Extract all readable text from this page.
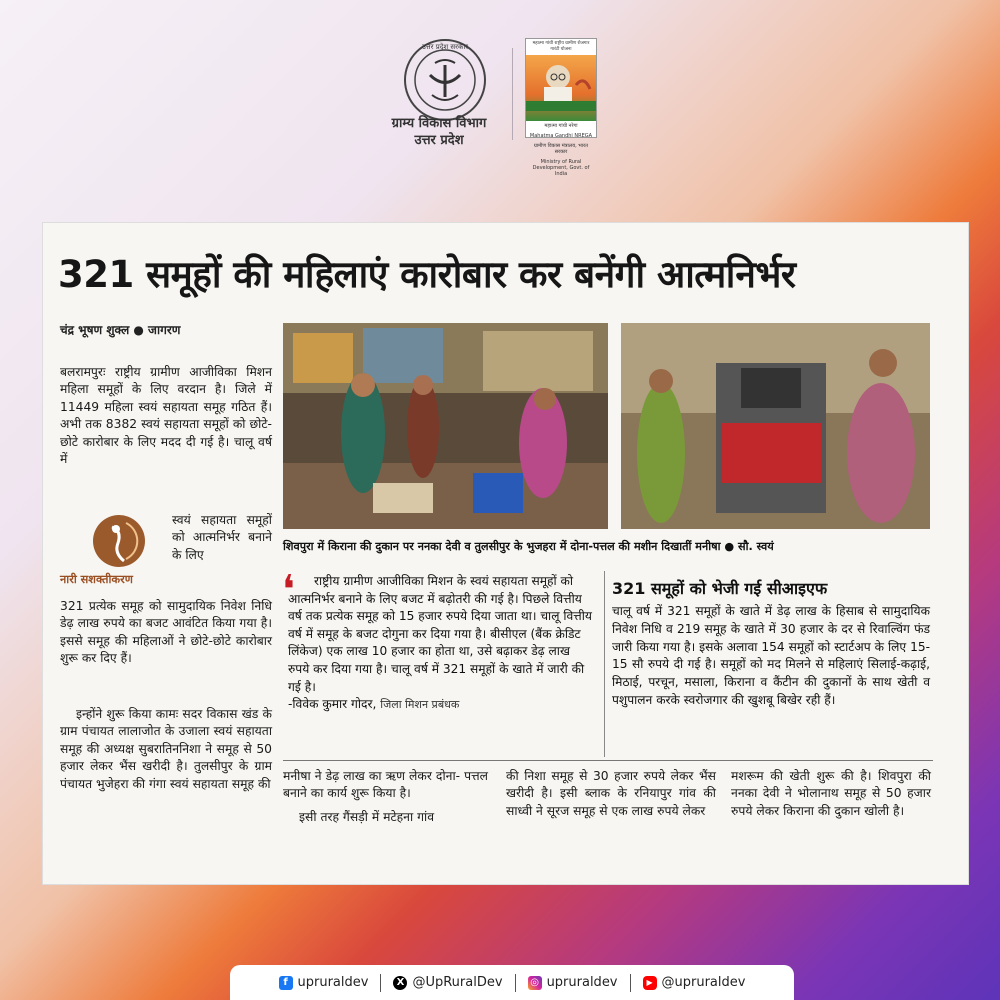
उत्तर प्रदेश सरकार
ग्राम्य विकास विभाग
उत्तर प्रदेश
महात्मा गांधी राष्ट्रीय ग्रामीण रोजगार गारंटी योजना
महात्मा गांधी नरेगा
Mahatma Gandhi NREGA
ग्रामीण विकास मंत्रालय, भारत सरकार
Ministry of Rural Development, Govt. of India
321 समूहों की महिलाएं कारोबार कर बनेंगी आत्मनिर्भर
चंद्र भूषण शुक्ल ● जागरण
बलरामपुरः राष्ट्रीय ग्रामीण आजीविका मिशन महिला समूहों के लिए वरदान है। जिले में 11449 महिला स्वयं सहायता समूह गठित हैं। अभी तक 8382 स्वयं सहायता समूहों को छोटे-छोटे कारोबार के लिए मदद दी गई है। चालू वर्ष में
नारी सशक्तीकरण
स्वयं सहायता समूहों को आत्मनिर्भर बनाने के लिए
321 प्रत्येक समूह को सामुदायिक निवेश निधि डेढ़ लाख रुपये का बजट आवंटित किया गया है। इससे समूह की महिलाओं ने छोटे-छोटे कारोबार शुरू कर दिए हैं।
इन्होंने शुरू किया कामः सदर विकास खंड के ग्राम पंचायत लालाजोत के उजाला स्वयं सहायता समूह की अध्यक्ष सुबरातिननिशा ने समूह से 50 हजार लेकर भैंस खरीदी है। तुलसीपुर के ग्राम पंचायत भुजेहरा की गंगा स्वयं सहायता समूह की
शिवपुरा में किराना की दुकान पर ननका देवी व तुलसीपुर के भुजहरा में दोना-पत्तल की मशीन दिखातीं मनीषा ● सौ. स्वयं
❛	राष्ट्रीय ग्रामीण आजीविका मिशन के स्वयं सहायता समूहों को आत्मनिर्भर बनाने के लिए बजट में बढ़ोतरी की गई है। पिछले वित्तीय वर्ष तक प्रत्येक समूह को 15 हजार रुपये दिया जाता था। चालू वित्तीय वर्ष में समूह के बजट दोगुना कर दिया गया है। बीसीएल (बैंक क्रेडिट लिंकेज) एक लाख 10 हजार का होता था, उसे बढ़ाकर डेढ़ लाख रुपये कर दिया गया है। चालू वर्ष में 321 समूहों के खाते में जारी की गई है।
-विवेक कुमार गोदर, जिला मिशन प्रबंधक
321 समूहों को भेजी गई सीआइएफ
चालू वर्ष में 321 समूहों के खाते में डेढ़ लाख के हिसाब से सामुदायिक निवेश निधि व 219 समूह के खाते में 30 हजार के दर से रिवाल्विंग फंड जारी किया गया है। इसके अलावा 154 समूहों को स्टार्टअप के लिए 15-15 सौ रुपये दी गई है। समूहों को मद मिलने से महिलाएं सिलाई-कढ़ाई, मिठाई, परचून, मसाला, किराना व कैंटीन की दुकानों के साथ खेती व पशुपालन करके स्वरोजगार की खुशबू बिखेर रही हैं।

मनीषा ने डेढ़ लाख का ऋण लेकर दोना- पत्तल बनाने का कार्य शुरू किया है।

इसी तरह गैंसड़ी में मटेहना गांव

की निशा समूह से 30 हजार रुपये लेकर भैंस खरीदी है। इसी ब्लाक के रनियापुर गांव की साध्वी ने सूरज समूह से एक लाख रुपये लेकर
मशरूम की खेती शुरू की है। शिवपुरा की ननका देवी ने भोलानाथ समूह से 50 हजार रुपये लेकर किराना की दुकान खोली है।
f upruraldev	X @UpRuralDev	◎ upruraldev	▶ @upruraldev
